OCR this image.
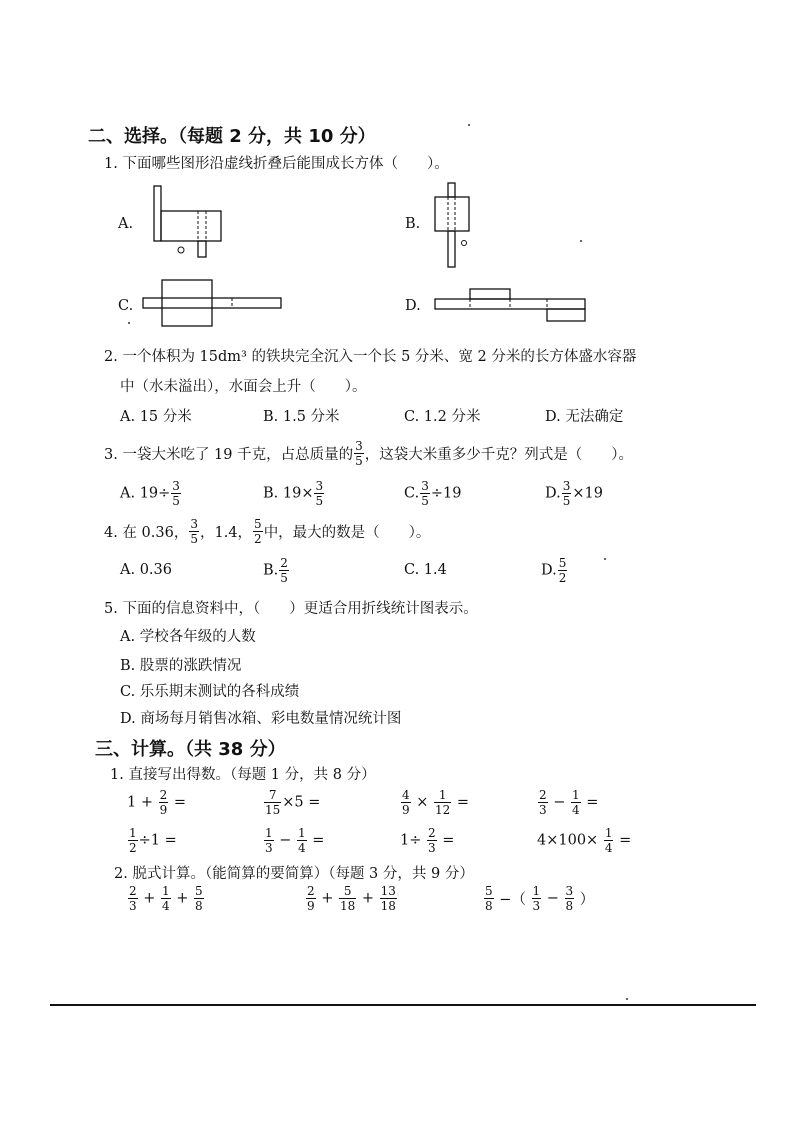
二、选择。（每题 2 分，共 10 分）
1. 下面哪些图形沿虚线折叠后能围成长方体（　　）。
A.	B.
C.	D.
2. 一个体积为 15dm³ 的铁块完全沉入一个长 5 分米、宽 2 分米的长方体盛水容器
中（水未溢出），水面会上升（　　）。
A. 15 分米	B. 1.5 分米	C. 1.2 分米	D. 无法确定
3. 一袋大米吃了 19 千克，占总质量的 $\frac{3}{5}$ ，这袋大米重多少千克？列式是（　　）。
A. $19\div \frac{3}{5}$	B. $19\times \frac{3}{5}$	C. $\frac{3}{5} \div 19$	D. $\frac{3}{5} \times 19$
4. 在 0.36， $\frac{3}{5}$ ，1.4， $\frac{5}{2}$ 中，最大的数是（　　）。
A. 0.36	B. $\frac{2}{5}$	C. 1.4	D. $\frac{5}{2}$
5. 下面的信息资料中，（　　）更适合用折线统计图表示。
A. 学校各年级的人数
B. 股票的涨跌情况
C. 乐乐期末测试的各科成绩
D. 商场每月销售冰箱、彩电数量情况统计图
三、计算。（共 38 分）
1. 直接写出得数。（每题 1 分，共 8 分）
$1 + \frac{2}{9}$ =	$\frac{7}{15} \times 5$ =	$\frac{4}{9} \times \frac{1}{12}$ =	$\frac{2}{3} - \frac{1}{4}$ =
$\frac{1}{2} \div 1$ =	$\frac{1}{3} - \frac{1}{4}$ =	$1\div \frac{2}{3}$ =	$4\times 100\times \frac{1}{4}$ =
2. 脱式计算。（能简算的要简算）（每题 3 分，共 9 分）
$\frac{2}{3} + \frac{1}{4} + \frac{5}{8}$	$\frac{2}{9} + \frac{5}{18} + \frac{13}{18}$	$\frac{5}{8}$ −（ $\frac{1}{3} - \frac{3}{8}$ ）
